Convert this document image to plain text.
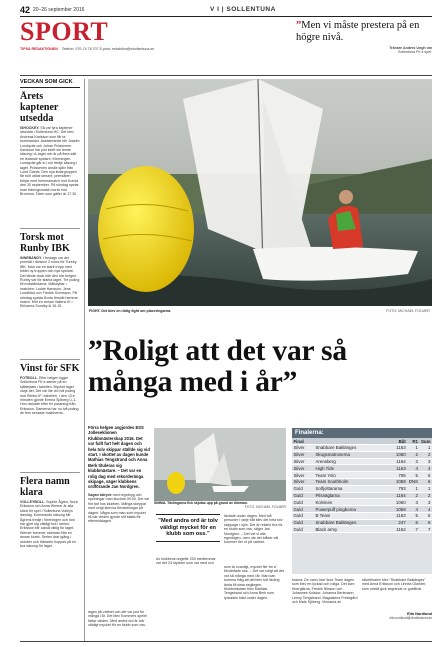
42 20–26 september 2016	V I | SOLLENTUNA
SPORT
TIPSA REDAKTIONEN Telefon: 070-74 78 707 E-post: redaktion@visollentuna.se
”Men vi måste prestera på en högre nivå.
Tränare Anders Ungh om
Sollentuna FK:s spel.
VECKAN SOM GICK
Årets kaptener utsedda
ISHOCKEY. Så var fyra kaptener utsedda i Sollentuna HC. Det blev Andreas Karlsson som får ta kommandot. Assisterande blir Joakim Lundqvist och Johan Pröskenen. Karlsson har just inlett sin femte säsong i A-laget och är på flera sätt en ledande spelare i föreningen. Lundqvist går in i sin tredje säsong i laget. Pröskenen anslöt själv från Lund Giants. Den nya ledargruppen får fullt utlöst senare, premiären börjar med hemmamatch mot Kumla den 30 september. På söndag spelar man träningsmatch borta mot Bromma. Tiden som gäller är 17.30.
Torsk mot Runby IBK
INNEBANDY. I fredags var det premiär i division 3 norra för Tureby IBK. Man var en stark trupp med bildet ny truppen och nya spelare. Det tände dock inte den här helgen. Runby var för starka laget. Tre poäng till motståndarna. Målskyttar i matchen: Ludde Hansson, Jens Lundblad och Fredrik Svensson. På söndag spelas Borta försökt hemma match. Möt en annan Vallens IK i Ekhamra Sundby kl 15.15.
Vinst för SFK
FOTBOLL. Efter helgen ligger Sollentuna FK:s damer på en sjätteplats i tabellen. Mycket laget varje del. Det var lite vid två poäng mot Rimbo IF i tabellen. I den 13:e minuten gjorde Emma Sjöberg 0–1. Hon nickade efter fin passning från Eriksson. Damerna har nu två poäng de fem senaste matcherna.
Flera namn klara
VOLLEYBOLL. Sophie Ågren, Nora Eriksson och Anna Werner är alla klara för spel i Sollentuna Volleys damlag. Kommande säsong blir Ågrens tredje i föreningen och hon har gjort sig väldigt bra i serien. Eriksson blir också viktig för laget. Werner kommer närmast från en annan klubb. Serien drar igång i oktober och tränaren hoppas på en bra säsong för laget.
FIGHT. Det blev en riktig fight om placeringarna.	FOTO: MICHAEL FOLMER
”Roligt att det var så många med i år”
Förra helgen avgjordes ESS Jolleseklionen Klubbmästerskap 2016. Det var fullt fart helt dagen och hela tolv skippar ställde sig vid start. I skottet av dagen kunde Mathias Tengstrand och Anna Berk tituleras sig klubbmästare. – Det var en rolig dag med rekorderänga skipage, säger klubbens ordförande Jan Nordgren.
Sagan bäryde med regnbryg och spelningar man klockan 09.00. Det var fint fart hos klubben. Många skeppar med ovigt skrivna förväntningar på dagen. Några som man som mycket till när vinden gjorde sitt bästa för eftermiddagen.
SIMMA. Tävlingarna fick skjutas upp på grund av dimman.
FOTO: MICHAEL FOLMER
”Med andra ord är tolv väldigt mycket för en klubb som oss.”
Av klubbens ungefär 200 medlemmar var det 24 stycken som var med och
tävlade under dagen. Med två personer i varje båt blev det hela tolv skippage i sjön. Det är relativt bra för en klubb som oss, säger Jan Nordgren. – Det vet vi alla egentligen, men när det blåser väl kommer fler ut på vattnet.
som är ovanligt, mycket fler än vi förväntade oss. – Det var roligt att det var så många med i år. Man kan komma ihåg att det blev tuff tävling ända till sista seglingen. Klubbmästare blev Mathias Tengstrand och Anna Berk som lyckades bäst under dagen.
lagen på vattnet och det var just för många i år. Det blev Kommers spelet fattar värden. Med andra ord är tolv väldigt mycket för en klubb som oss.
Finalerna:
Final		Båt	R1	Sum
Silver	Snabbare Baklänges	1163	1	1
Silver	Skogsmatroserna	1060	2	2
Silver	Arensberg	1164	3	3
Silver	High Tide	1163	4	4
Silver	Team Yolo	795	5	5
Silver	Team Southholm	1059	DNS	6
Guld	Solfjolttarama	793	1	1
Guld	Pilsnäglarna	1164	2	2
Guld	Kolvinen	1060	3	3
Guld	Powerpuff pingborna	1059	4	4
Guld	B Team	1163	5	5
Guld	Snabbare Baklänges	247	6	6
Guld	Black army	1162	7	7
tnarna. De vann över Ikea Team dagen som blev en lyckad och roliga. Det kom Kberglärna, Fredrik Nilsson och Johannes Kulskor. Johanna Berkmann, Lenny Tengstrand, Magdalena Freskgård och Mats Sjöberg. Vinnarna av
silverfinalen blev ”Snabbare Baklänges” med Anna Eriksson och Linnéa Olander, som också gick segrande ur guldfinal.
Elin Nordlund
elin.nordlund@visollentuna.se
